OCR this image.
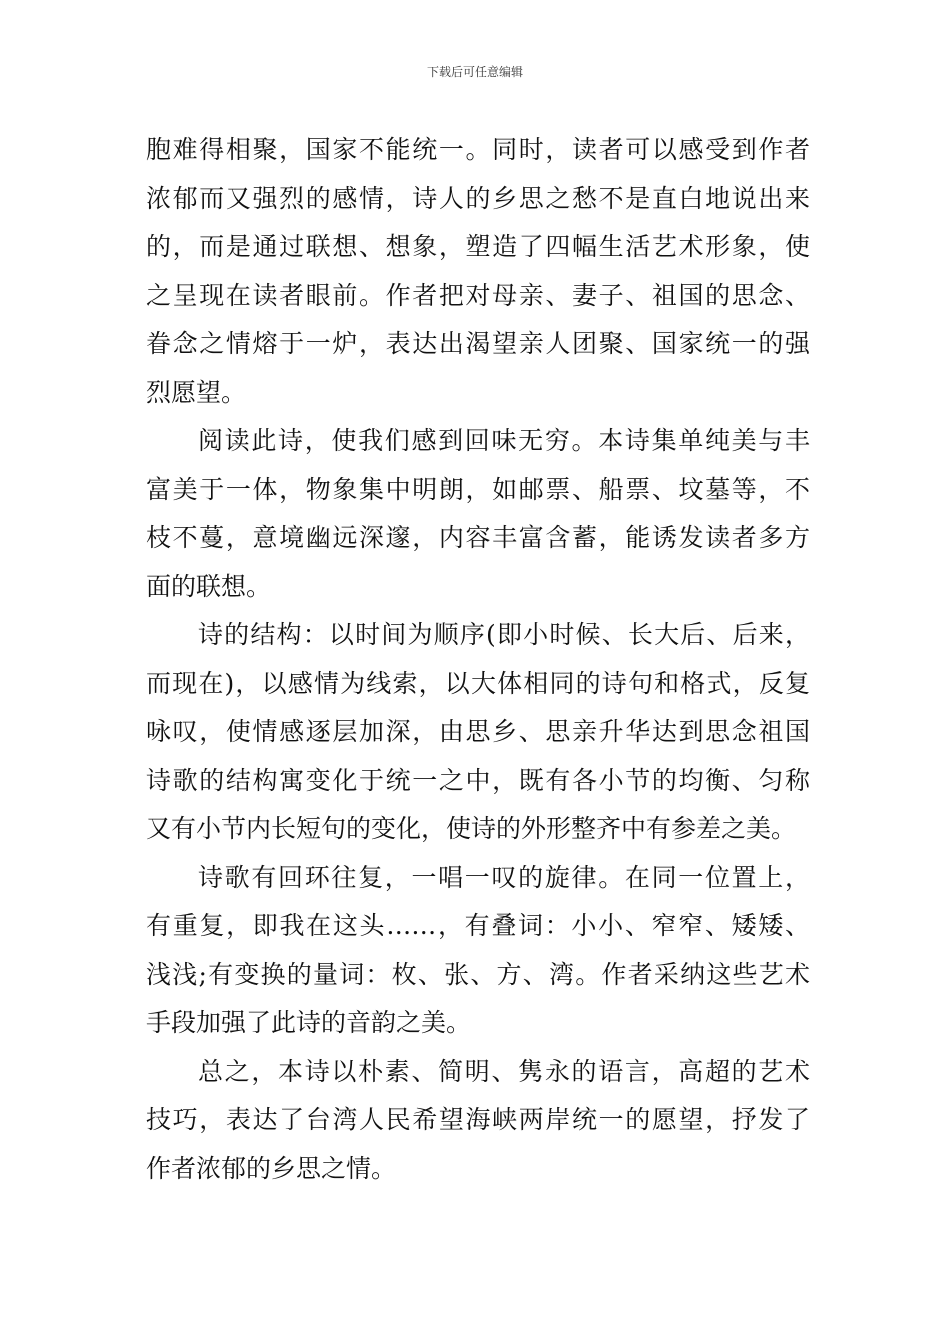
下载后可任意编辑
胞难得相聚，国家不能统一。同时，读者可以感受到作者
浓郁而又强烈的感情，诗人的乡思之愁不是直白地说出来
的，而是通过联想、想象，塑造了四幅生活艺术形象，使
之呈现在读者眼前。作者把对母亲、妻子、祖国的思念、
眷念之情熔于一炉，表达出渴望亲人团聚、国家统一的强
烈愿望。
阅读此诗，使我们感到回味无穷。本诗集单纯美与丰
富美于一体，物象集中明朗，如邮票、船票、坟墓等，不
枝不蔓，意境幽远深邃，内容丰富含蓄，能诱发读者多方
面的联想。
诗的结构：以时间为顺序(即小时候、长大后、后来，
而现在)，以感情为线索，以大体相同的诗句和格式，反复
咏叹，使情感逐层加深，由思乡、思亲升华达到思念祖国
诗歌的结构寓变化于统一之中，既有各小节的均衡、匀称
又有小节内长短句的变化，使诗的外形整齐中有参差之美。
诗歌有回环往复，一唱一叹的旋律。在同一位置上，
有重复，即我在这头……，有叠词：小小、窄窄、矮矮、
浅浅;有变换的量词：枚、张、方、湾。作者采纳这些艺术
手段加强了此诗的音韵之美。
总之，本诗以朴素、简明、隽永的语言，高超的艺术
技巧，表达了台湾人民希望海峡两岸统一的愿望，抒发了
作者浓郁的乡思之情。
